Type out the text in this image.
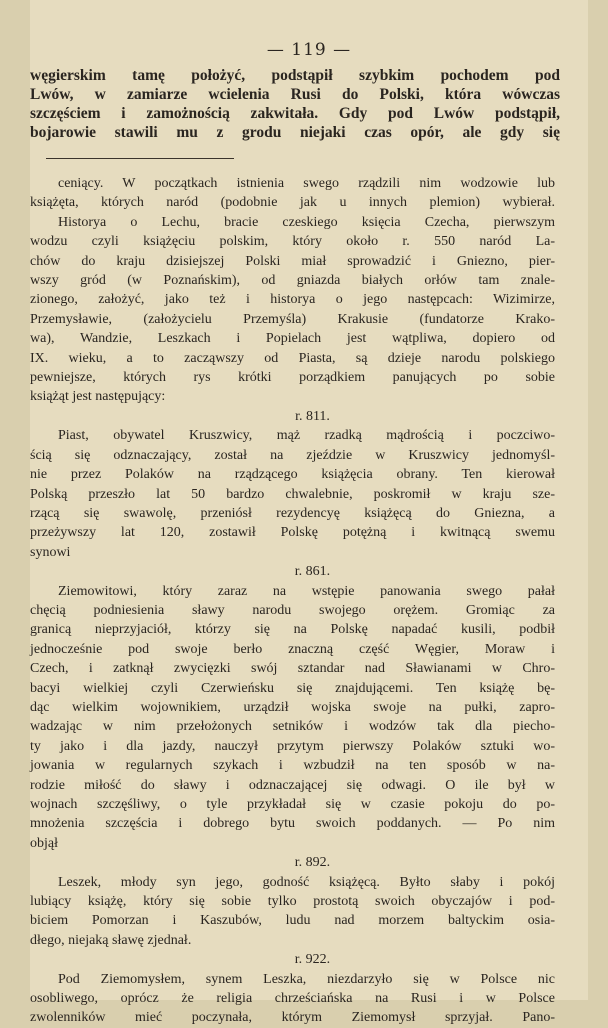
— 119 —
węgierskim tamę położyć, podstąpił szybkim pochodem pod
Lwów, w zamiarze wcielenia Rusi do Polski, która wówczas
szczęściem i zamożnością zakwitała. Gdy pod Lwów podstąpił,
bojarowie stawili mu z grodu niejaki czas opór, ale gdy się
ceniący. W początkach istnienia swego rządzili nim wodzowie lub
książęta, których naród (podobnie jak u innych plemion) wybierał.
Historya o Lechu, bracie czeskiego księcia Czecha, pierwszym
wodzu czyli książęciu polskim, który około r. 550 naród La-
chów do kraju dzisiejszej Polski miał sprowadzić i Gniezno, pier-
wszy gród (w Poznańskim), od gniazda białych orłów tam znale-
zionego, założyć, jako też i historya o jego następcach: Wizimirze,
Przemysławie, (założycielu Przemyśla) Krakusie (fundatorze Krako-
wa), Wandzie, Leszkach i Popielach jest wątpliwa, dopiero od
IX. wieku, a to zacząwszy od Piasta, są dzieje narodu polskiego
pewniejsze, których rys krótki porządkiem panujących po sobie
książąt jest następujący:
r. 811.
Piast, obywatel Kruszwicy, mąż rzadką mądrością i poczciwo-
ścią się odznaczający, został na zjeździe w Kruszwicy jednomyśl-
nie przez Polaków na rządzącego książęcia obrany. Ten kierował
Polską przeszło lat 50 bardzo chwalebnie, poskromił w kraju sze-
rzącą się swawolę, przeniósł rezydencyę książęcą do Gniezna, a
przeżywszy lat 120, zostawił Polskę potężną i kwitnącą swemu
synowi
r. 861.
Ziemowitowi, który zaraz na wstępie panowania swego pałał
chęcią podniesienia sławy narodu swojego orężem. Gromiąc za
granicą nieprzyjaciół, którzy się na Polskę napadać kusili, podbił
jednocześnie pod swoje berło znaczną część Węgier, Moraw i
Czech, i zatknął zwycięzki swój sztandar nad Sławianami w Chro-
bacyi wielkiej czyli Czerwieńsku się znajdującemi. Ten książę bę-
dąc wielkim wojownikiem, urządził wojska swoje na pułki, zapro-
wadzając w nim przełożonych setników i wodzów tak dla piecho-
ty jako i dla jazdy, nauczył przytym pierwszy Polaków sztuki wo-
jowania w regularnych szykach i wzbudził na ten sposób w na-
rodzie miłość do sławy i odznaczającej się odwagi. O ile był w
wojnach szczęśliwy, o tyle przykładał się w czasie pokoju do po-
mnożenia szczęścia i dobrego bytu swoich poddanych. — Po nim
objął
r. 892.
Leszek, młody syn jego, godność książęcą. Byłto słaby i pokój
lubiący książę, który się sobie tylko prostotą swoich obyczajów i pod-
biciem Pomorzan i Kaszubów, ludu nad morzem baltyckim osia-
dłego, niejaką sławę zjednał.
r. 922.
Pod Ziemomysłem, synem Leszka, niezdarzyło się w Polsce nic
osobliwego, oprócz że religia chrześciańska na Rusi i w Polsce
zwolenników mieć poczynała, którym Ziemomysł sprzyjał. Pano-
